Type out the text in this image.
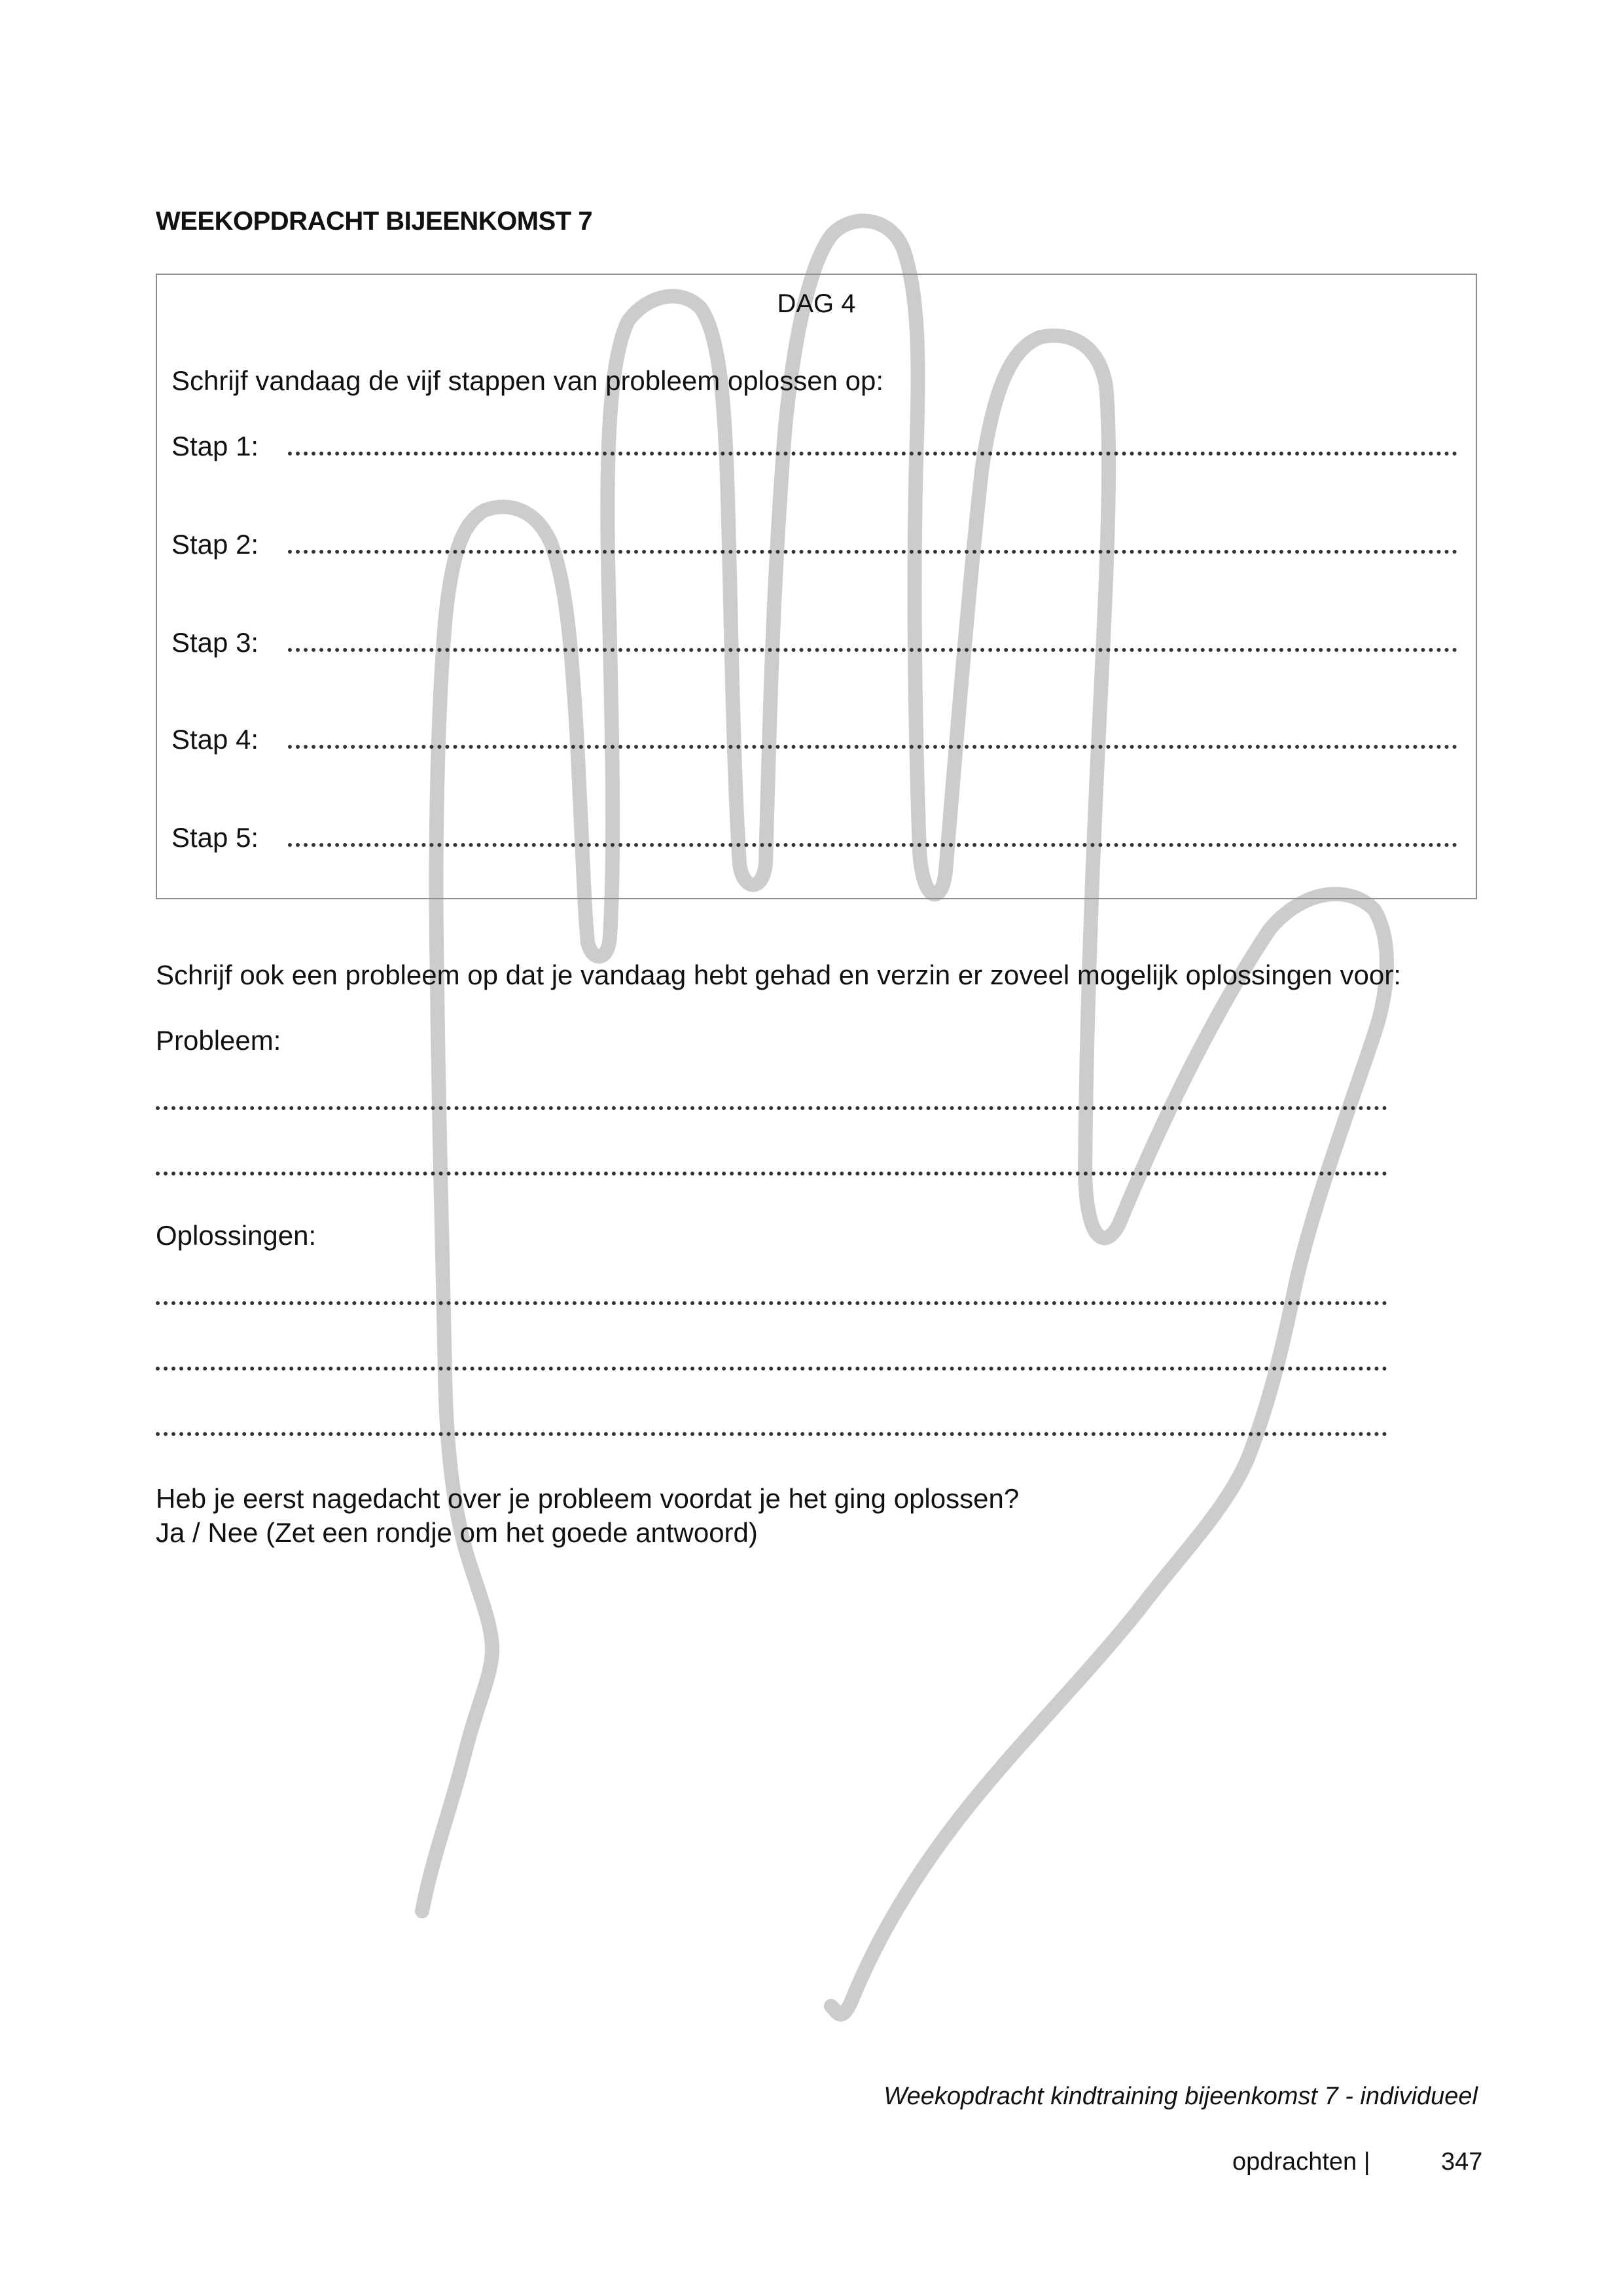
WEEKOPDRACHT BIJEENKOMST 7
DAG 4
Schrijf vandaag de vijf stappen van probleem oplossen op:
Stap 1:
Stap 2:
Stap 3:
Stap 4:
Stap 5:
Schrijf ook een probleem op dat je vandaag hebt gehad en verzin er zoveel mogelijk oplossingen voor:
Probleem:
Oplossingen:
Heb je eerst nagedacht over je probleem voordat je het ging oplossen?
Ja / Nee (Zet een rondje om het goede antwoord)
Weekopdracht kindtraining bijeenkomst 7 - individueel
opdrachten |	347
